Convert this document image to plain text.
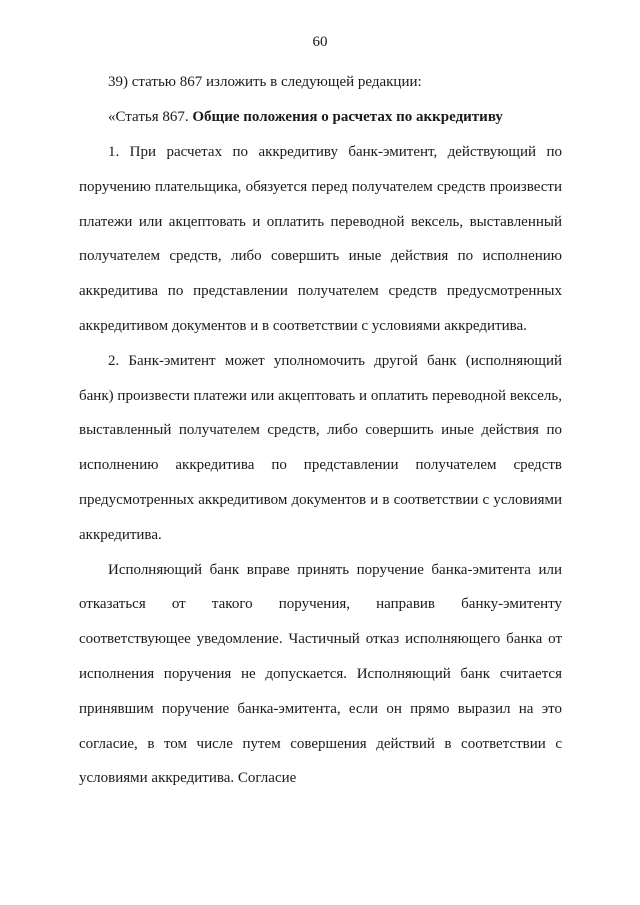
60
39) статью 867 изложить в следующей редакции:
«Статья 867. Общие положения о расчетах по аккредитиву

1. При расчетах по аккредитиву банк-эмитент, действующий по поручению плательщика, обязуется перед получателем средств произвести платежи или акцептовать и оплатить переводной вексель, выставленный получателем средств, либо совершить иные действия по исполнению аккредитива по представлении получателем средств предусмотренных аккредитивом документов и в соответствии с условиями аккредитива.

2. Банк-эмитент может уполномочить другой банк (исполняющий банк) произвести платежи или акцептовать и оплатить переводной вексель, выставленный получателем средств, либо совершить иные действия по исполнению аккредитива по представлении получателем средств предусмотренных аккредитивом документов и в соответствии с условиями аккредитива.

Исполняющий банк вправе принять поручение банка-эмитента или отказаться от такого поручения, направив банку-эмитенту соответствующее уведомление. Частичный отказ исполняющего банка от исполнения поручения не допускается. Исполняющий банк считается принявшим поручение банка-эмитента, если он прямо выразил на это согласие, в том числе путем совершения действий в соответствии с условиями аккредитива. Согласие
